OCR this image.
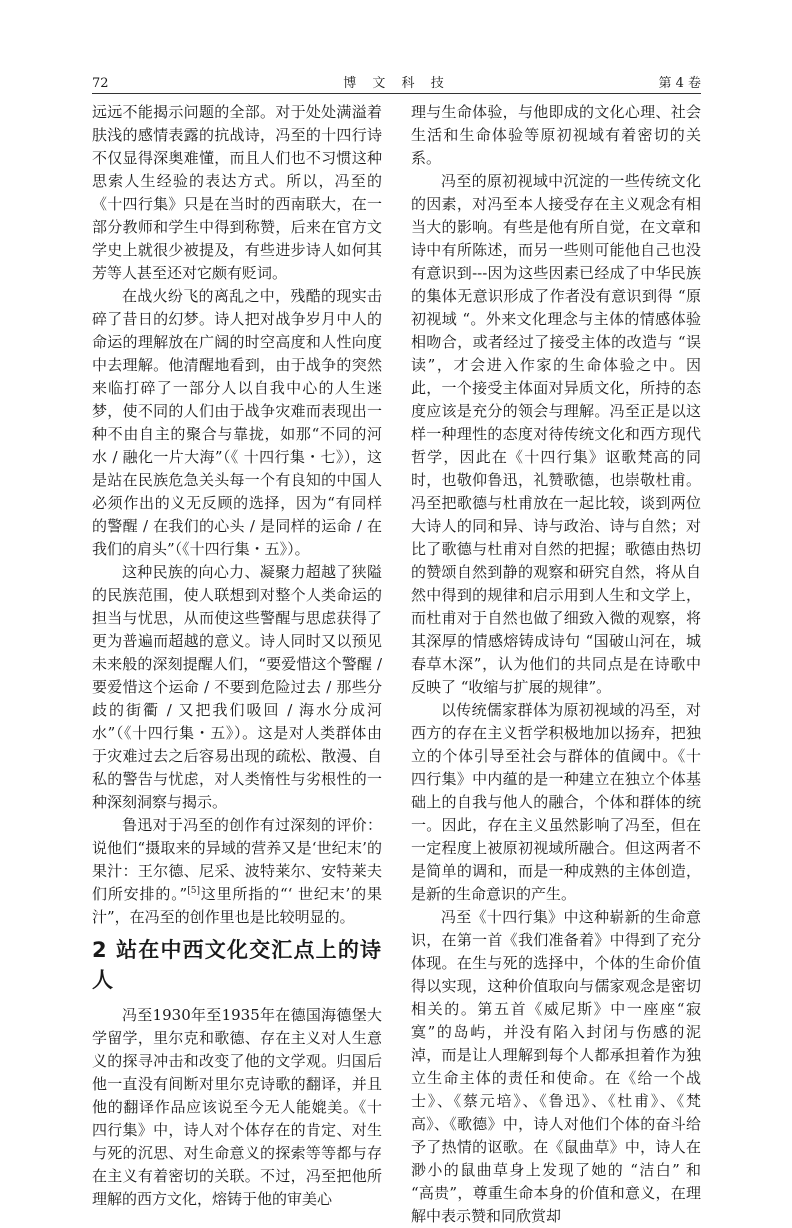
72	博 文 科 技	第 4 卷

远远不能揭示问题的全部。对于处处满溢着肤浅的感情表露的抗战诗，冯至的十四行诗不仅显得深奥难懂，而且人们也不习惯这种思索人生经验的表达方式。所以，冯至的《十四行集》只是在当时的西南联大，在一部分教师和学生中得到称赞，后来在官方文学史上就很少被提及，有些进步诗人如何其芳等人甚至还对它颇有贬词。

在战火纷飞的离乱之中，残酷的现实击碎了昔日的幻梦。诗人把对战争岁月中人的命运的理解放在广阔的时空高度和人性向度中去理解。他清醒地看到，由于战争的突然来临打碎了一部分人以自我中心的人生迷梦，使不同的人们由于战争灾难而表现出一种不由自主的聚合与靠拢，如那“不同的河水 / 融化一片大海”（《 十四行集・七》），这是站在民族危急关头每一个有良知的中国人必须作出的义无反顾的选择，因为“有同样的警醒 / 在我们的心头 / 是同样的运命 / 在我们的肩头”（《十四行集・五》）。

这种民族的向心力、凝聚力超越了狭隘的民族范围，使人联想到对整个人类命运的担当与忧思，从而使这些警醒与思虑获得了更为普遍而超越的意义。诗人同时又以预见未来般的深刻提醒人们，“要爱惜这个警醒 / 要爱惜这个运命 / 不要到危险过去 / 那些分歧的街衢 / 又把我们吸回 / 海水分成河水”（《十四行集・五》）。这是对人类群体由于灾难过去之后容易出现的疏松、散漫、自私的警告与忧虑，对人类惰性与劣根性的一种深刻洞察与揭示。

鲁迅对于冯至的创作有过深刻的评价：说他们“摄取来的异域的营养又是‘世纪末’的果汁：王尔德、尼采、波特莱尔、安特莱夫们所安排的。”[5]这里所指的“‘ 世纪末’的果汁”，在冯至的创作里也是比较明显的。

2 站在中西文化交汇点上的诗人

冯至1930年至1935年在德国海德堡大学留学，里尔克和歌德、存在主义对人生意义的探寻冲击和改变了他的文学观。归国后他一直没有间断对里尔克诗歌的翻译，并且他的翻译作品应该说至今无人能媲美。《十四行集》中，诗人对个体存在的肯定、对生与死的沉思、对生命意义的探索等等都与存在主义有着密切的关联。不过，冯至把他所理解的西方文化，熔铸于他的审美心

理与生命体验，与他即成的文化心理、社会生活和生命体验等原初视域有着密切的关系。

冯至的原初视域中沉淀的一些传统文化的因素，对冯至本人接受存在主义观念有相当大的影响。有些是他有所自觉，在文章和诗中有所陈述，而另一些则可能他自己也没有意识到---因为这些因素已经成了中华民族的集体无意识形成了作者没有意识到得 “原初视域 “。外来文化理念与主体的情感体验相吻合，或者经过了接受主体的改造与 “误读”，才会进入作家的生命体验之中。因此，一个接受主体面对异质文化，所持的态度应该是充分的领会与理解。冯至正是以这样一种理性的态度对待传统文化和西方现代哲学，因此在《十四行集》讴歌梵高的同时，也敬仰鲁迅，礼赞歌德，也崇敬杜甫。冯至把歌德与杜甫放在一起比较，谈到两位大诗人的同和异、诗与政治、诗与自然；对比了歌德与杜甫对自然的把握；歌德由热切的赞颂自然到静的观察和研究自然，将从自然中得到的规律和启示用到人生和文学上，而杜甫对于自然也做了细致入微的观察，将其深厚的情感熔铸成诗句 “国破山河在，城春草木深”，认为他们的共同点是在诗歌中反映了 “收缩与扩展的规律”。

以传统儒家群体为原初视域的冯至，对西方的存在主义哲学积极地加以扬弃，把独立的个体引导至社会与群体的值阈中。《十四行集》中内蕴的是一种建立在独立个体基础上的自我与他人的融合，个体和群体的统一。因此，存在主义虽然影响了冯至，但在一定程度上被原初视域所融合。但这两者不是简单的调和，而是一种成熟的主体创造，是新的生命意识的产生。

冯至《十四行集》中这种崭新的生命意识，在第一首《我们准备着》中得到了充分体现。在生与死的选择中，个体的生命价值得以实现，这种价值取向与儒家观念是密切相关的。第五首《威尼斯》中一座座“寂寞”的岛屿，并没有陷入封闭与伤感的泥淖，而是让人理解到每个人都承担着作为独立生命主体的责任和使命。在《给一个战士》、《蔡元培》、《鲁迅》、《杜甫》、《梵高》、《歌德》中，诗人对他们个体的奋斗给予了热情的讴歌。在《鼠曲草》中，诗人在渺小的鼠曲草身上发现了她的 “洁白” 和 “高贵”，尊重生命本身的价值和意义，在理解中表示赞和同欣赏却
